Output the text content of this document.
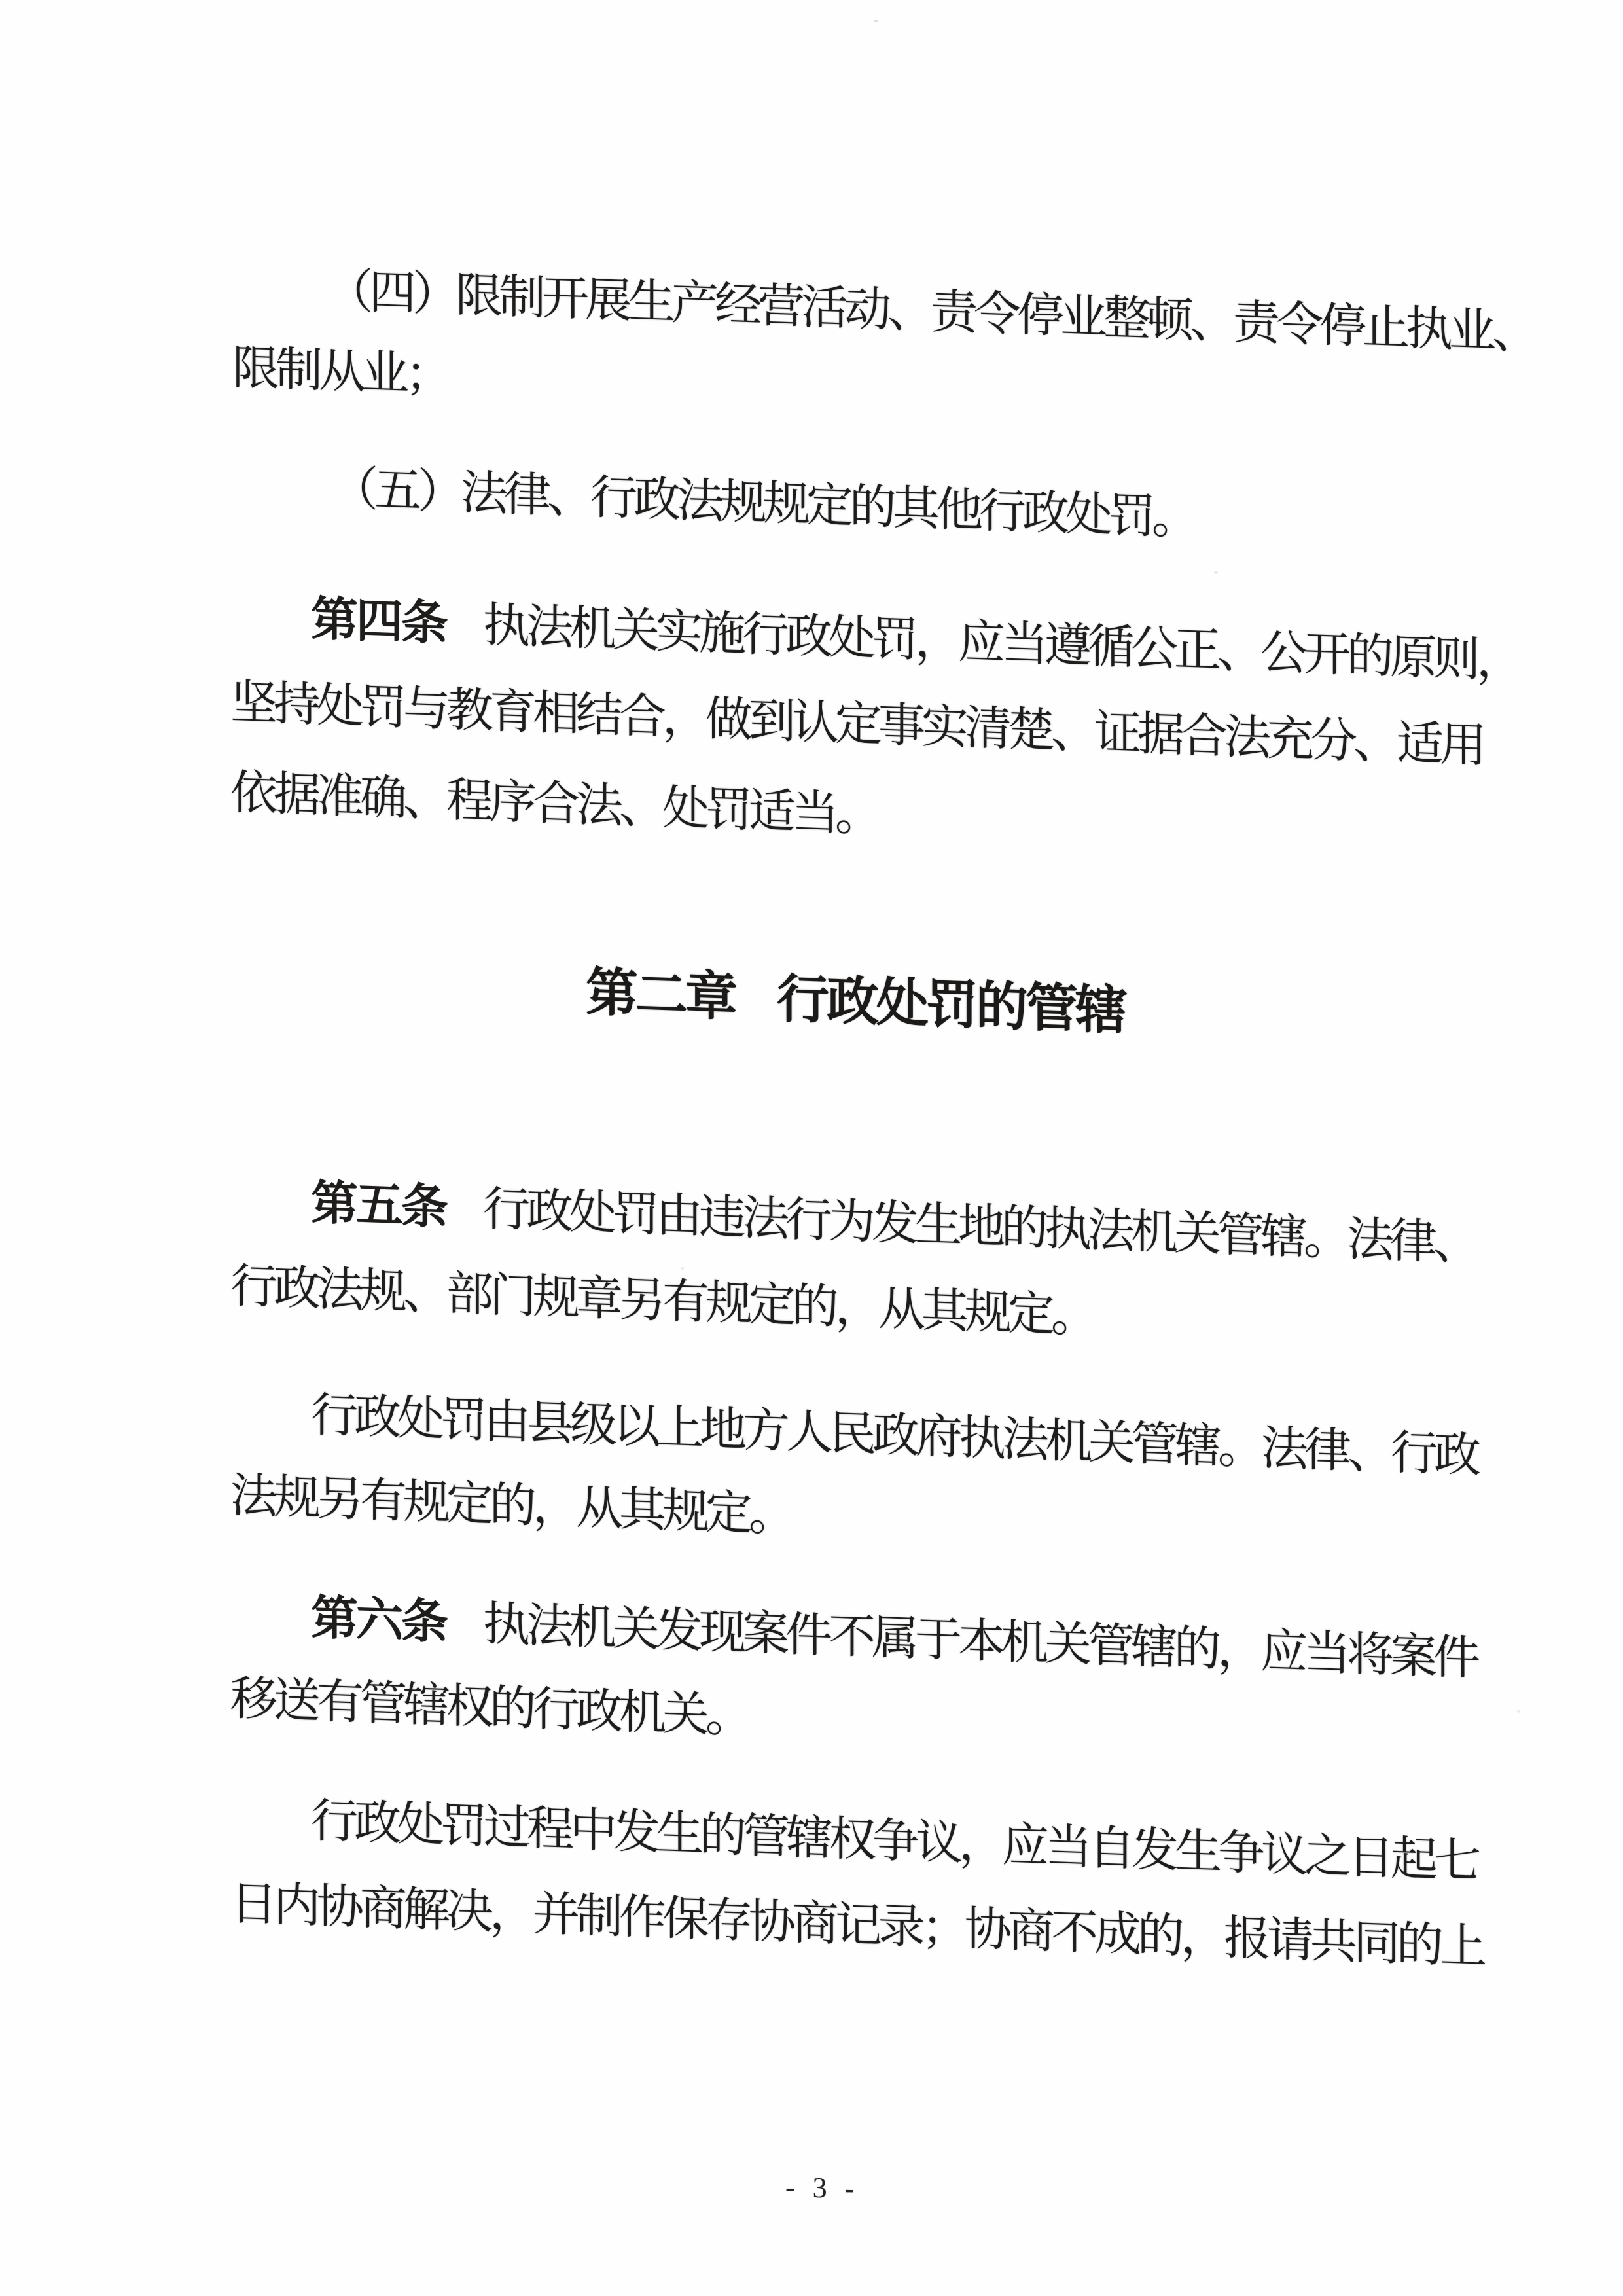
（四）限制开展生产经营活动、责令停业整顿、责令停止执业、
限制从业；
（五）法律、行政法规规定的其他行政处罚。
第四条 执法机关实施行政处罚，应当遵循公正、公开的原则，
坚持处罚与教育相结合，做到认定事实清楚、证据合法充分、适用
依据准确、程序合法、处罚适当。
第二章 行政处罚的管辖
第五条 行政处罚由违法行为发生地的执法机关管辖。法律、
行政法规、部门规章另有规定的，从其规定。
行政处罚由县级以上地方人民政府执法机关管辖。法律、行政
法规另有规定的，从其规定。
第六条 执法机关发现案件不属于本机关管辖的，应当将案件
移送有管辖权的行政机关。
行政处罚过程中发生的管辖权争议，应当自发生争议之日起七
日内协商解决，并制作保存协商记录；协商不成的，报请共同的上
- 3 -
